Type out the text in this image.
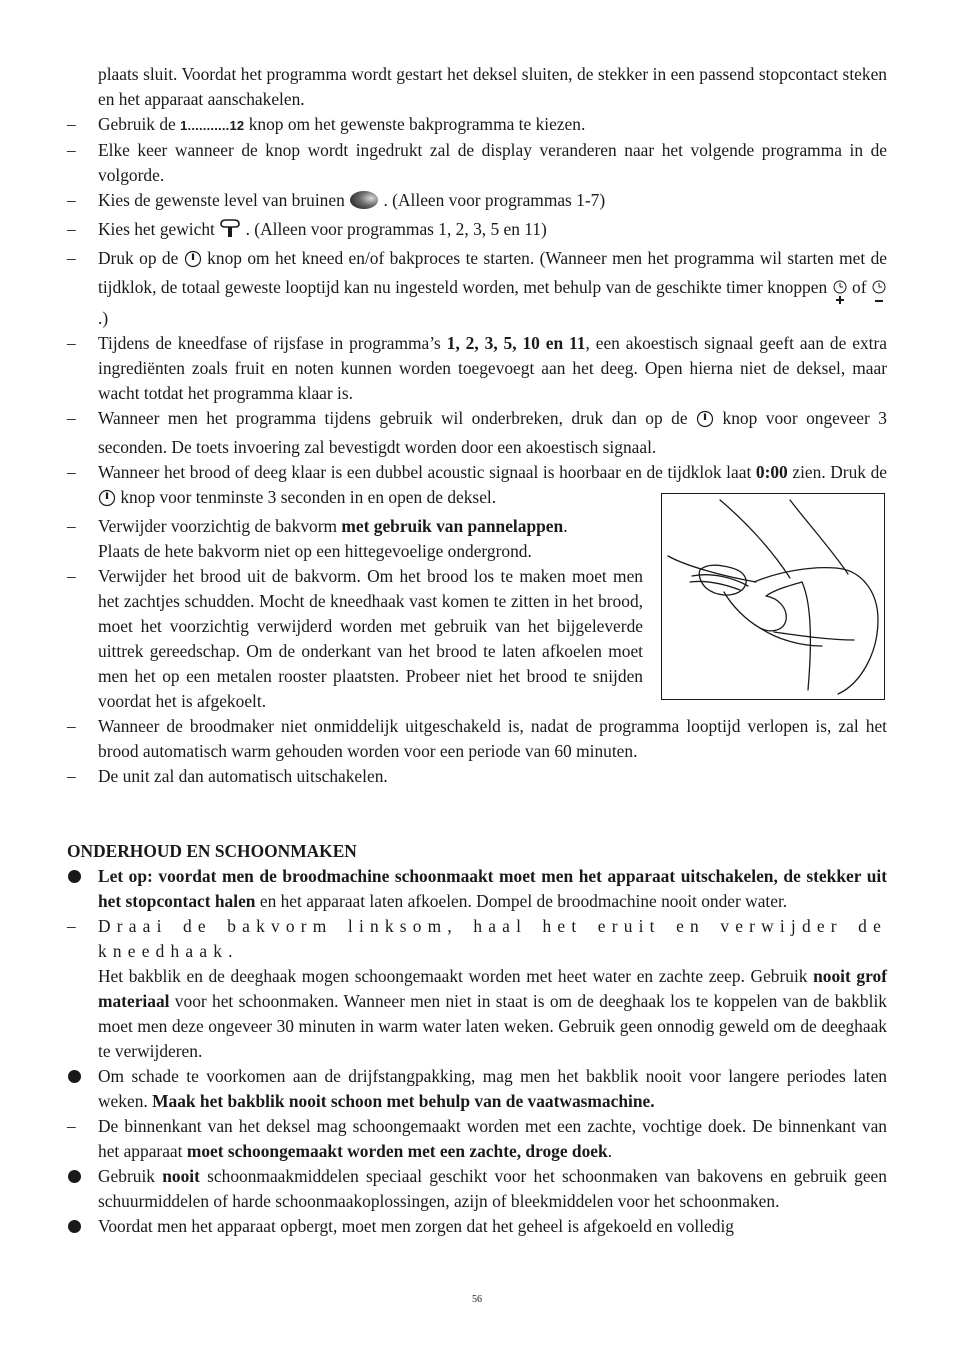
plaats sluit. Voordat het programma wordt gestart het deksel sluiten, de stekker in een passend stopcontact steken en het apparaat aanschakelen.
–	Gebruik de 1...........12 knop om het gewenste bakprogramma te kiezen.
–	Elke keer wanneer de knop wordt ingedrukt zal de display veranderen naar het volgende programma in de volgorde.
–	Kies de gewenste level van bruinen . (Alleen voor programmas 1-7)
–	Kies het gewicht . (Alleen voor programmas 1, 2, 3, 5 en 11)
–	Druk op de knop om het kneed en/of bakproces te starten. (Wanneer men het programma wil starten met de tijdklok, de totaal geweste looptijd kan nu ingesteld worden, met behulp van de geschikte timer knoppen of  .)
–	Tijdens de kneedfase of rijsfase in programma’s 1, 2, 3, 5, 10 en 11, een akoestisch signaal geeft aan de extra ingrediënten zoals fruit en noten kunnen worden toegevoegt aan het deeg. Open hierna niet de deksel, maar wacht totdat het programma klaar is.
–	Wanneer men het programma tijdens gebruik wil onderbreken, druk dan op de knop voor ongeveer 3 seconden. De toets invoering zal bevestigdt worden door een akoestisch signaal.
–	Wanneer het brood of deeg klaar is een dubbel acoustic signaal is hoorbaar en de tijdklok laat 0:00 zien. Druk de  knop voor tenminste 3 seconden in en open de deksel.
–	Verwijder voorzichtig de bakvorm met gebruik van pannelappen.
Plaats de hete bakvorm niet op een hittegevoelige ondergrond.
–	Verwijder het brood uit de bakvorm. Om het brood los te maken moet men het zachtjes schudden. Mocht de kneedhaak vast komen te zitten in het brood, moet het voorzichtig verwijderd worden met gebruik van het bijgeleverde uittrek gereedschap. Om de onderkant van het brood te laten afkoelen moet men het op een metalen rooster plaatsten. Probeer niet het brood te snijden voordat het is afgekoelt.
–	Wanneer de broodmaker niet onmiddelijk uitgeschakeld is, nadat de programma looptijd verlopen is, zal het brood automatisch warm gehouden worden voor een periode van 60 minuten.
–	De unit zal dan automatisch uitschakelen.
ONDERHOUD EN SCHOONMAKEN
Let op: voordat men de broodmachine schoonmaakt moet men het apparaat uitschakelen, de stekker uit het stopcontact halen en het apparaat laten afkoelen. Dompel de broodmachine nooit onder water.
–	Draai de bakvorm linksom, haal het eruit en verwijder de kneedhaak.
Het bakblik en de deeghaak mogen schoongemaakt worden met heet water en zachte zeep. Gebruik nooit grof materiaal voor het schoonmaken. Wanneer men niet in staat is om de deeghaak los te koppelen van de bakblik moet men deze ongeveer 30 minuten in warm water laten weken. Gebruik geen onnodig geweld om de deeghaak te verwijderen.
Om schade te voorkomen aan de drijfstangpakking, mag men het bakblik nooit voor langere periodes laten weken. Maak het bakblik nooit schoon met behulp van de vaatwasmachine.
–	De binnenkant van het deksel mag schoongemaakt worden met een zachte, vochtige doek. De binnenkant van het apparaat moet schoongemaakt worden met een zachte, droge doek.
Gebruik nooit schoonmaakmiddelen speciaal geschikt voor het schoonmaken van bakovens en gebruik geen schuurmiddelen of harde schoonmaakoplossingen, azijn of bleekmiddelen voor het schoonmaken.
Voordat men het apparaat opbergt, moet men zorgen dat het geheel is afgekoeld en volledig
56
